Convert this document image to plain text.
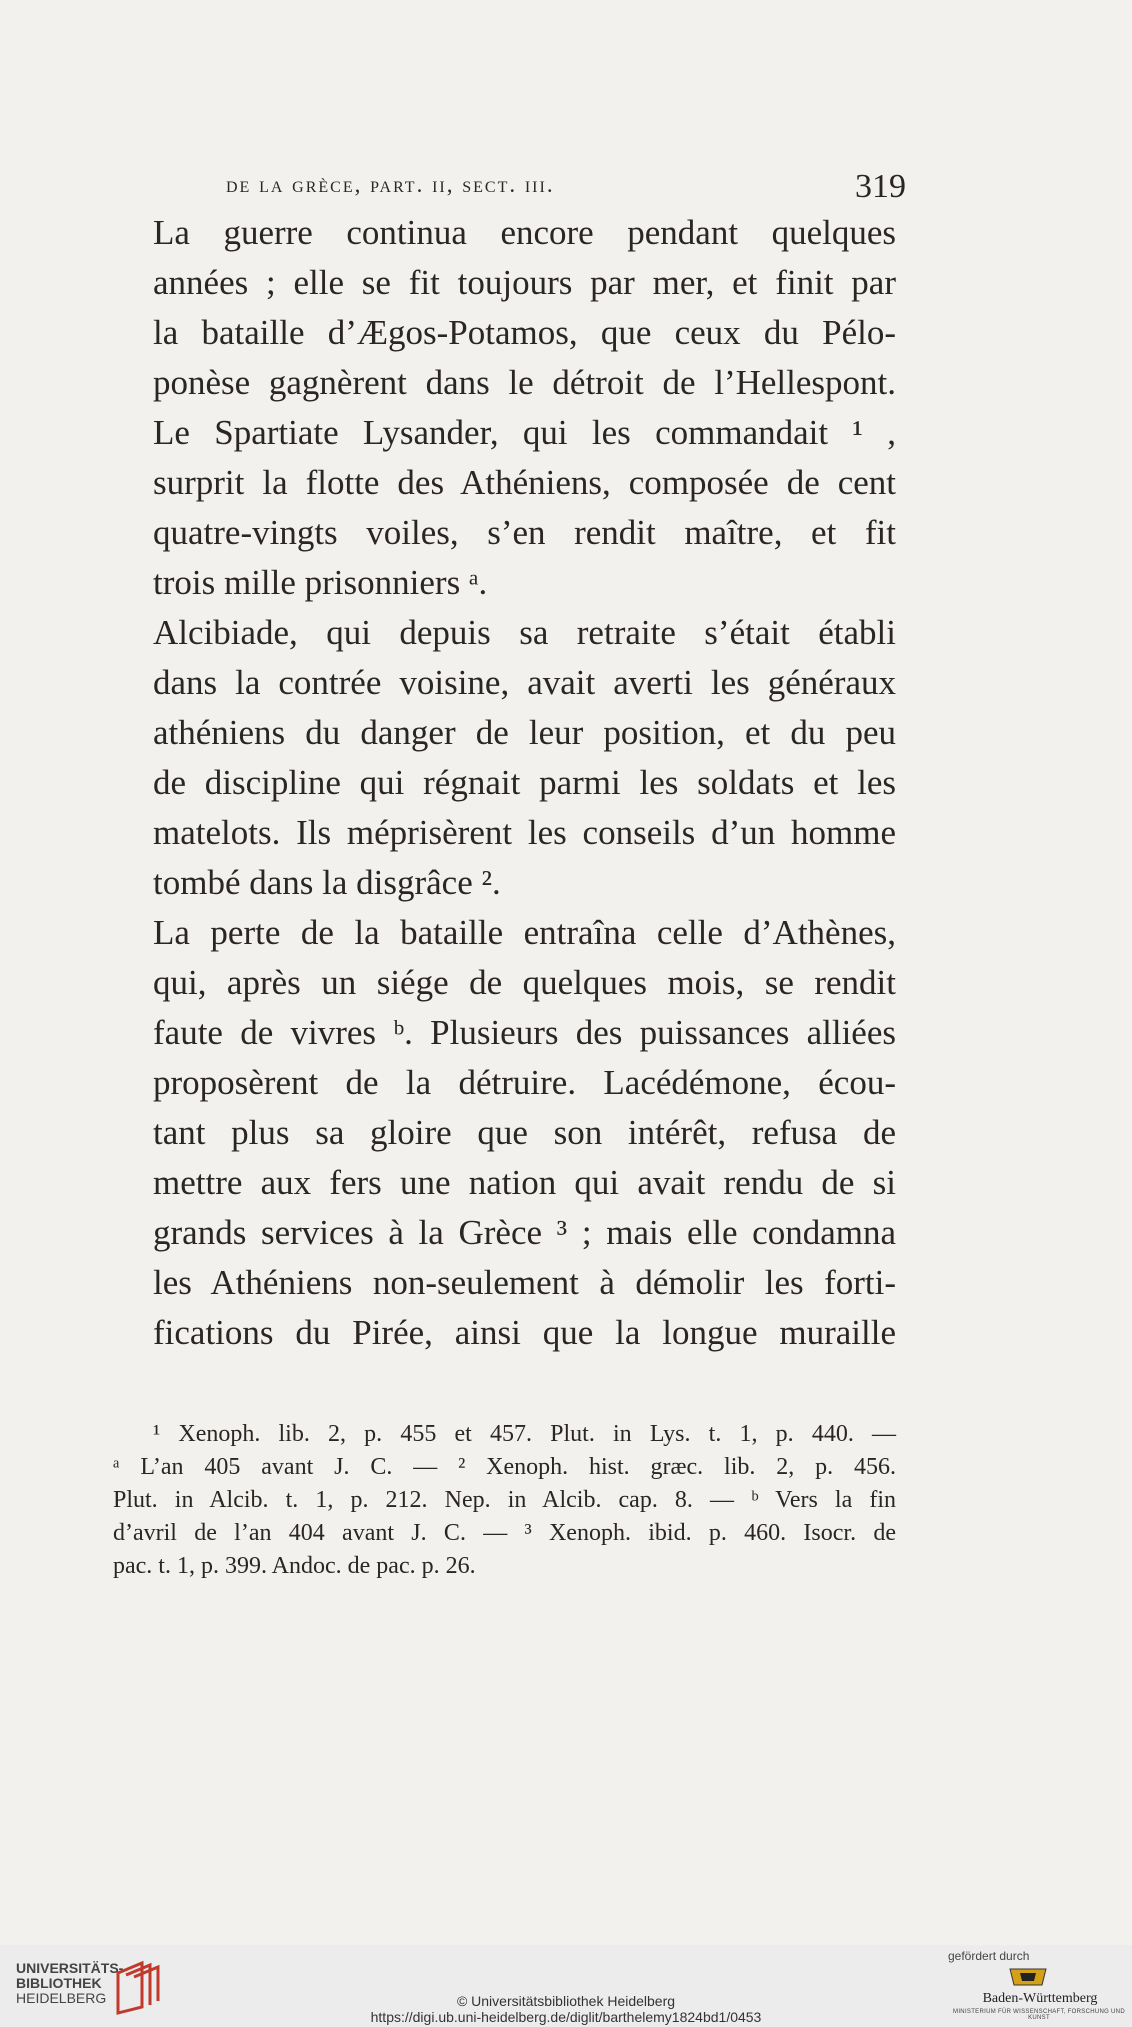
de la grèce, part. ii, sect. iii.	319

La guerre continua encore pendant quelques
années ; elle se fit toujours par mer, et finit par
la bataille d’Ægos-Potamos, que ceux du Pélo-
ponèse gagnèrent dans le détroit de l’Hellespont.
Le Spartiate Lysander, qui les commandait ¹ ,
surprit la flotte des Athéniens, composée de cent
quatre-vingts voiles, s’en rendit maître, et fit
trois mille prisonniers ᵃ.

Alcibiade, qui depuis sa retraite s’était établi
dans la contrée voisine, avait averti les généraux
athéniens du danger de leur position, et du peu
de discipline qui régnait parmi les soldats et les
matelots. Ils méprisèrent les conseils d’un homme
tombé dans la disgrâce ².

La perte de la bataille entraîna celle d’Athènes,
qui, après un siége de quelques mois, se rendit
faute de vivres ᵇ. Plusieurs des puissances alliées
proposèrent de la détruire. Lacédémone, écou-
tant plus sa gloire que son intérêt, refusa de
mettre aux fers une nation qui avait rendu de si
grands services à la Grèce ³ ; mais elle condamna
les Athéniens non-seulement à démolir les forti-
fications du Pirée, ainsi que la longue muraille

¹ Xenoph. lib. 2, p. 455 et 457. Plut. in Lys. t. 1, p. 440. —
ᵃ L’an 405 avant J. C. — ² Xenoph. hist. græc. lib. 2, p. 456.
Plut. in Alcib. t. 1, p. 212. Nep. in Alcib. cap. 8. — ᵇ Vers la fin
d’avril de l’an 404 avant J. C. — ³ Xenoph. ibid. p. 460. Isocr. de
pac. t. 1, p. 399. Andoc. de pac. p. 26.
UNIVERSITÄTS-
BIBLIOTHEK
HEIDELBERG	© Universitätsbibliothek Heidelberg
https://digi.ub.uni-heidelberg.de/diglit/barthelemy1824bd1/0453
gefördert durch
Baden-Württemberg
MINISTERIUM FÜR WISSENSCHAFT, FORSCHUNG UND KUNST
